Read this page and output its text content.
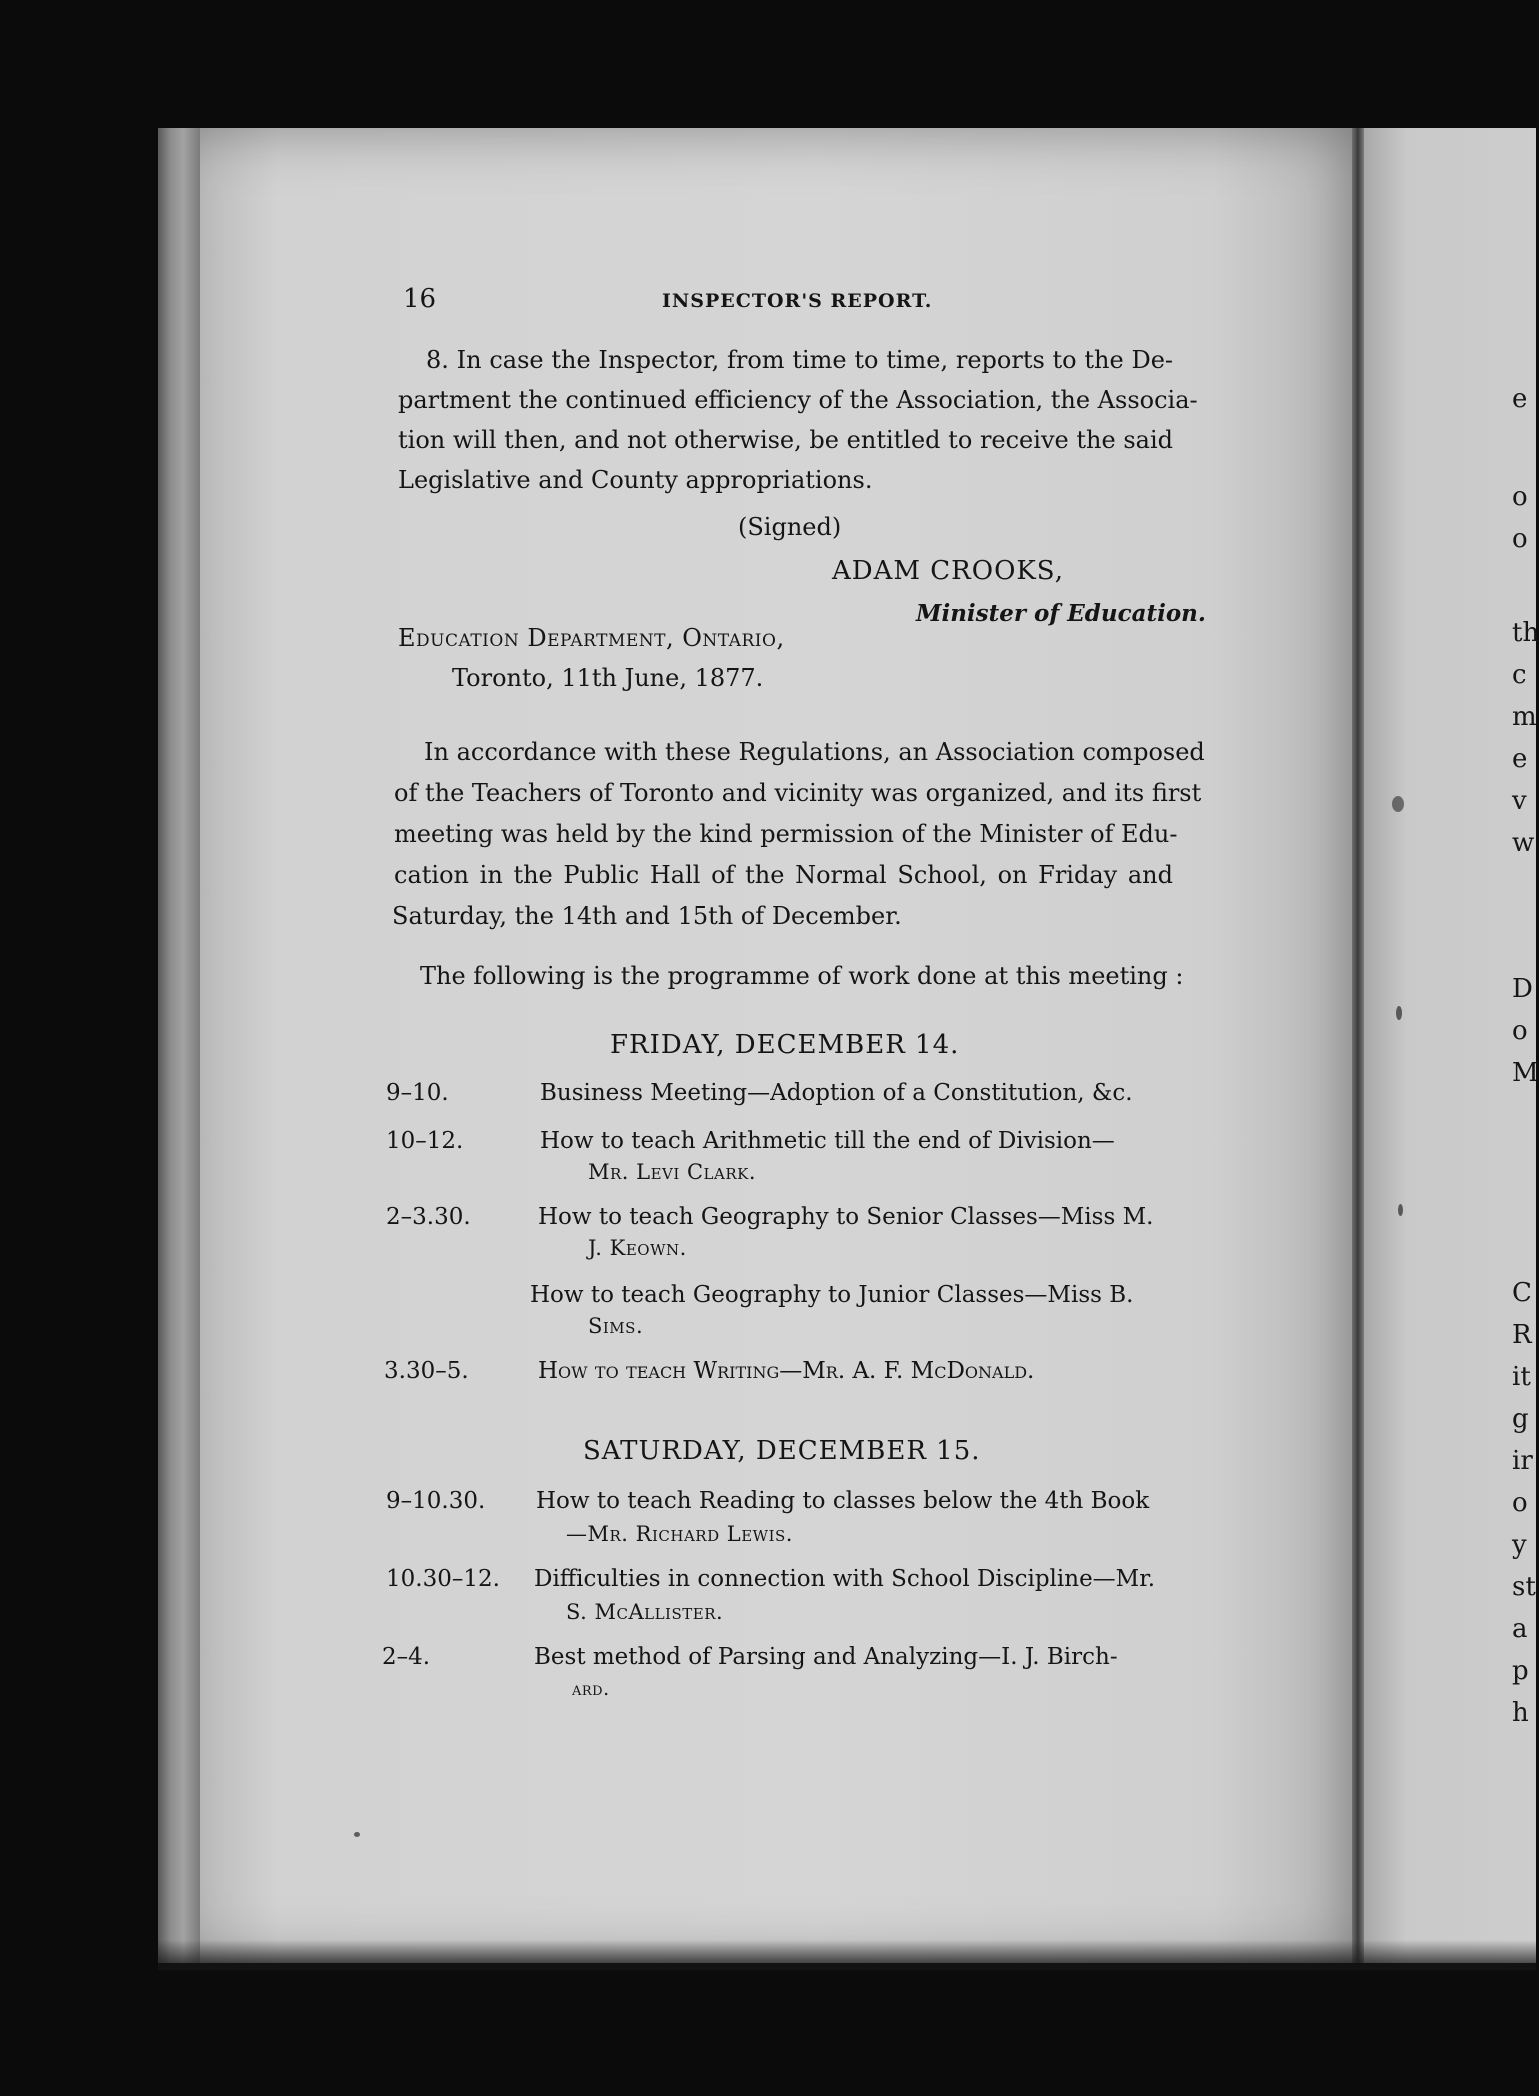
16	INSPECTOR'S REPORT.
8. In case the Inspector, from time to time, reports to the De-
partment the continued efficiency of the Association, the Associa-
tion will then, and not otherwise, be entitled to receive the said
Legislative and County appropriations.
(Signed)
ADAM CROOKS,
Minister of Education.
Education Department, Ontario,
Toronto, 11th June, 1877.
In accordance with these Regulations, an Association composed
of the Teachers of Toronto and vicinity was organized, and its first
meeting was held by the kind permission of the Minister of Edu-
cation in the Public Hall of the Normal School, on Friday and
Saturday, the 14th and 15th of December.
The following is the programme of work done at this meeting :
FRIDAY, DECEMBER 14.
9–10.	Business Meeting—Adoption of a Constitution, &c.
10–12.	How to teach Arithmetic till the end of Division—
Mr. Levi Clark.
2–3.30.	How to teach Geography to Senior Classes—Miss M.
J. Keown.
How to teach Geography to Junior Classes—Miss B.
Sims.
3.30–5.	How to teach Writing—Mr. A. F. McDonald.
SATURDAY, DECEMBER 15.
9–10.30. How to teach Reading to classes below the 4th Book
—Mr. Richard Lewis.
10.30–12. Difficulties in connection with School Discipline—Mr.
S. McAllister.
2–4.	Best method of Parsing and Analyzing—I. J. Birch-
ard.
e
o
o
th
c
m
e
v
w
D
o
M
C
R
it
g
ir
o
y
st
a
p
h
